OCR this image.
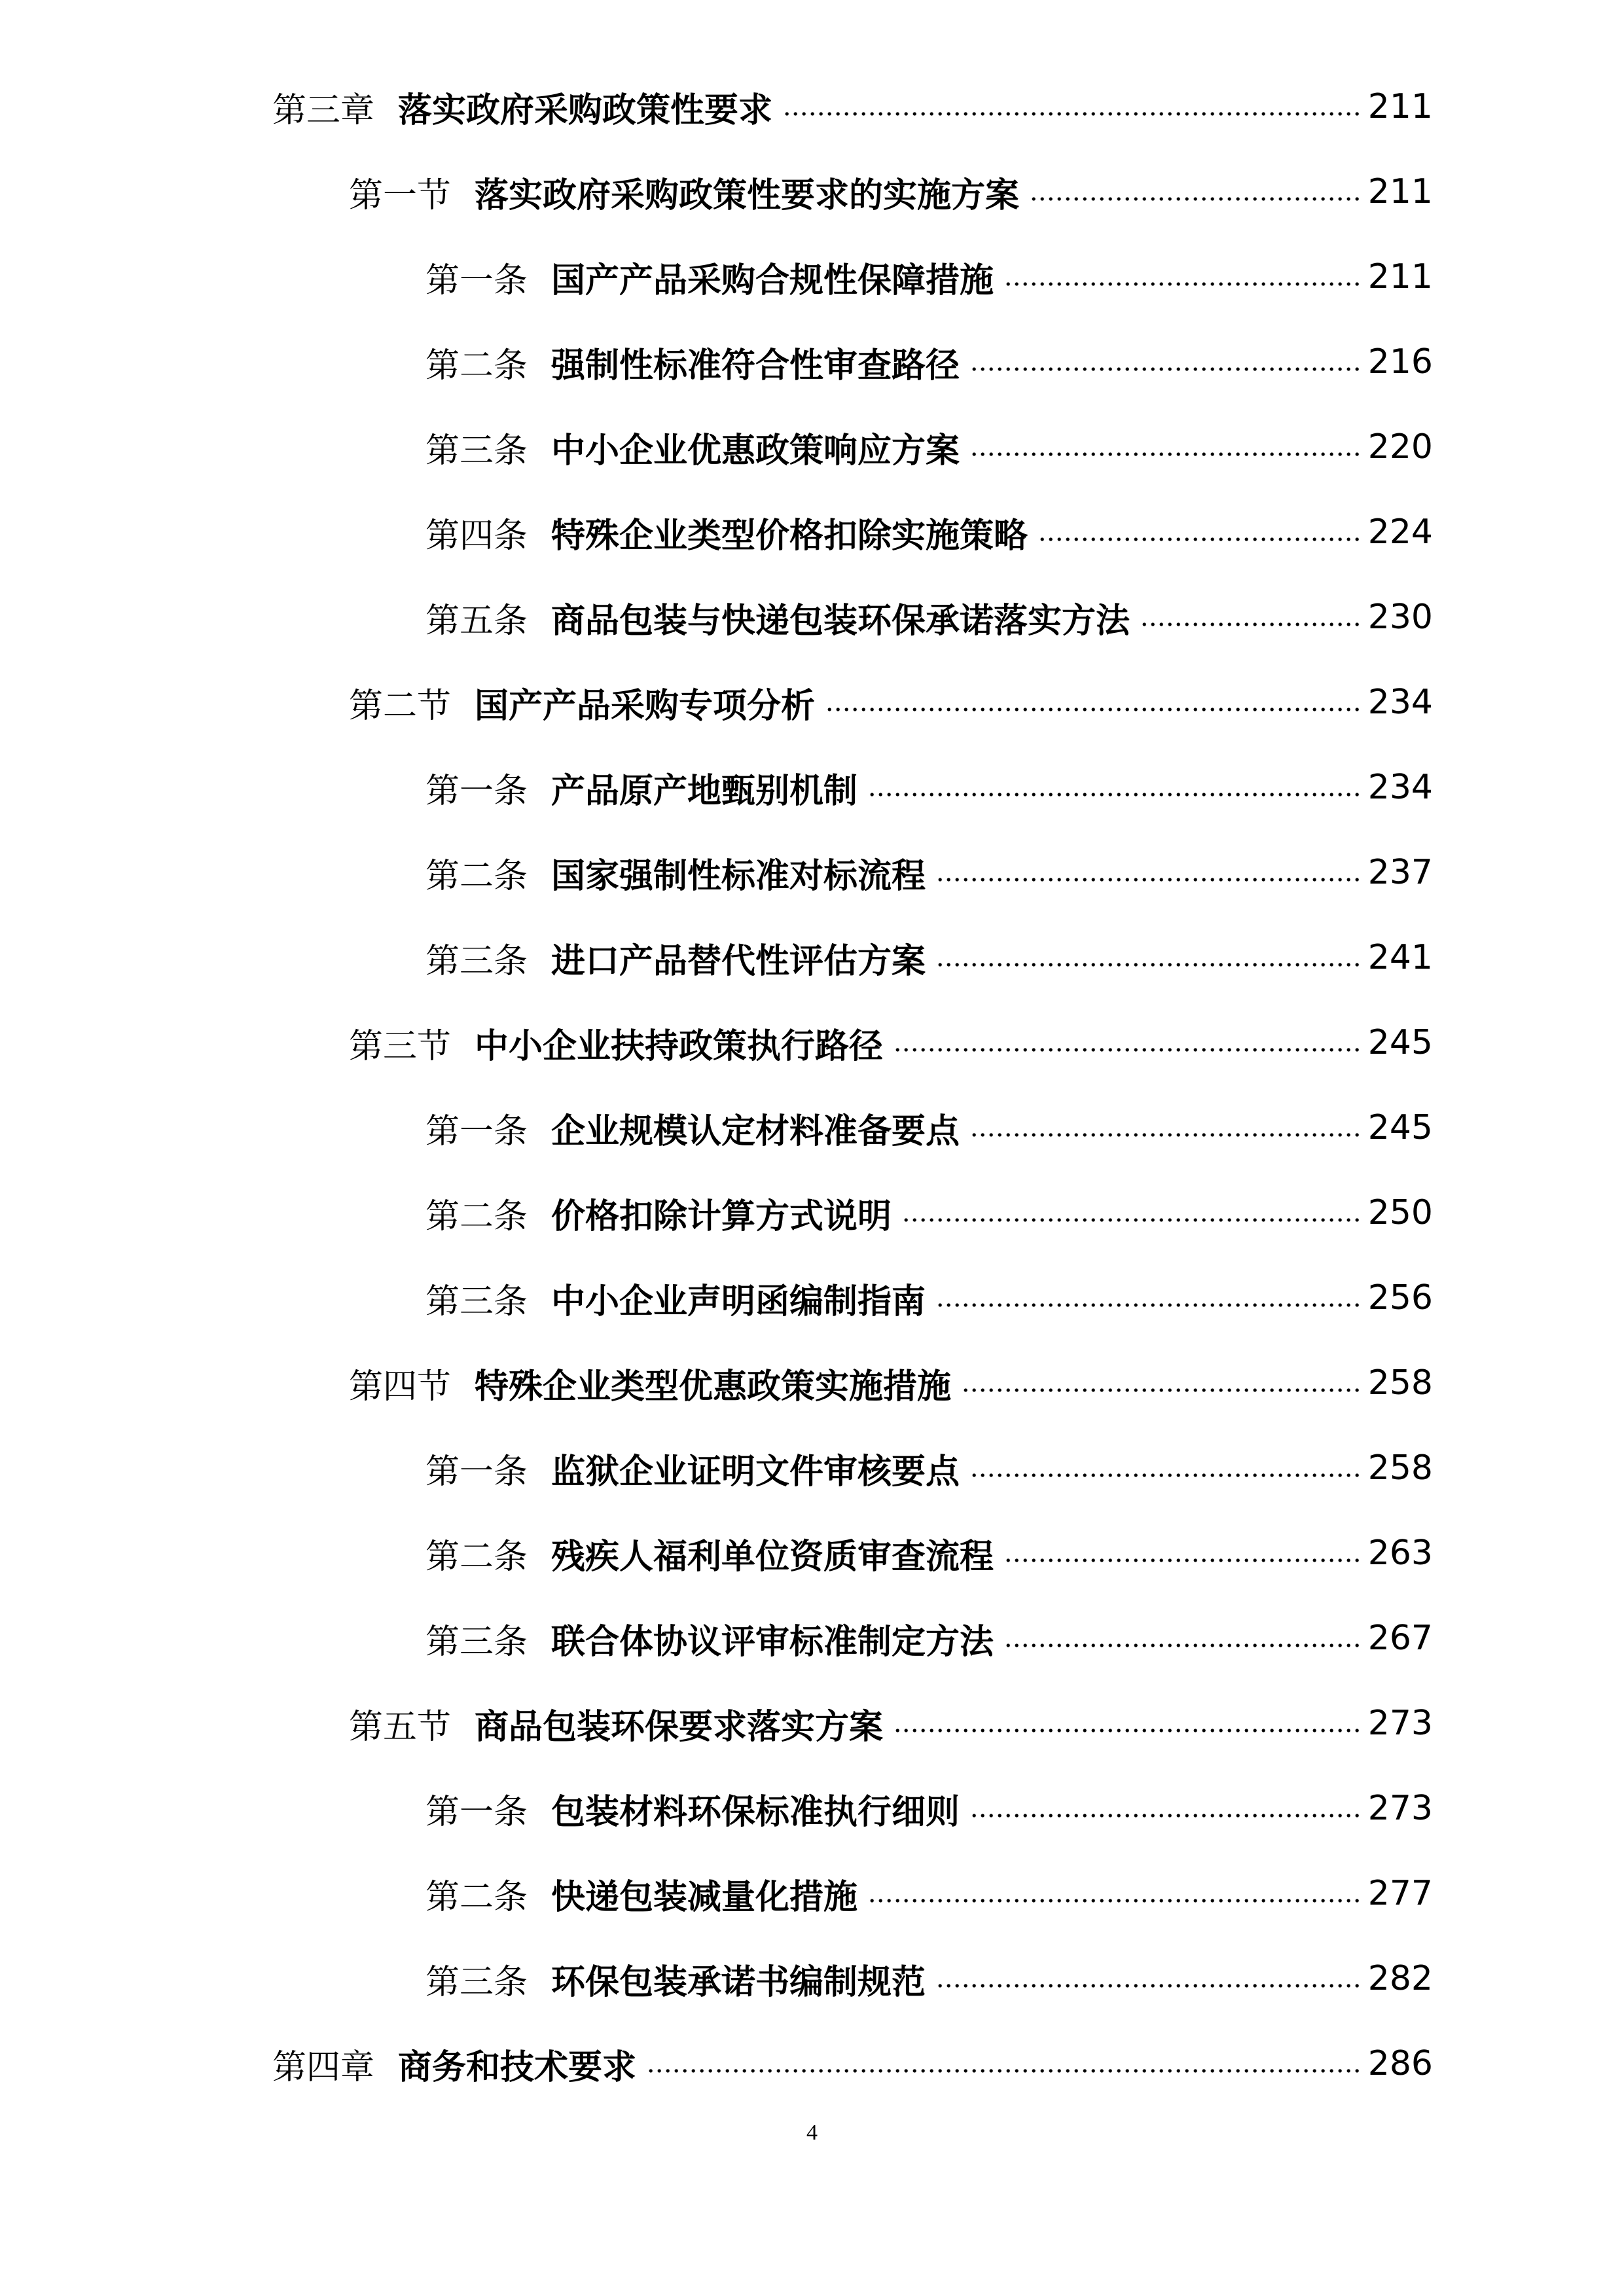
第三章 落实政府采购政策性要求	211
第一节 落实政府采购政策性要求的实施方案	211
第一条 国产产品采购合规性保障措施	211
第二条 强制性标准符合性审查路径	216
第三条 中小企业优惠政策响应方案	220
第四条 特殊企业类型价格扣除实施策略	224
第五条 商品包装与快递包装环保承诺落实方法	230
第二节 国产产品采购专项分析	234
第一条 产品原产地甄别机制	234
第二条 国家强制性标准对标流程	237
第三条 进口产品替代性评估方案	241
第三节 中小企业扶持政策执行路径	245
第一条 企业规模认定材料准备要点	245
第二条 价格扣除计算方式说明	250
第三条 中小企业声明函编制指南	256
第四节 特殊企业类型优惠政策实施措施	258
第一条 监狱企业证明文件审核要点	258
第二条 残疾人福利单位资质审查流程	263
第三条 联合体协议评审标准制定方法	267
第五节 商品包装环保要求落实方案	273
第一条 包装材料环保标准执行细则	273
第二条 快递包装减量化措施	277
第三条 环保包装承诺书编制规范	282
第四章 商务和技术要求	286
4
